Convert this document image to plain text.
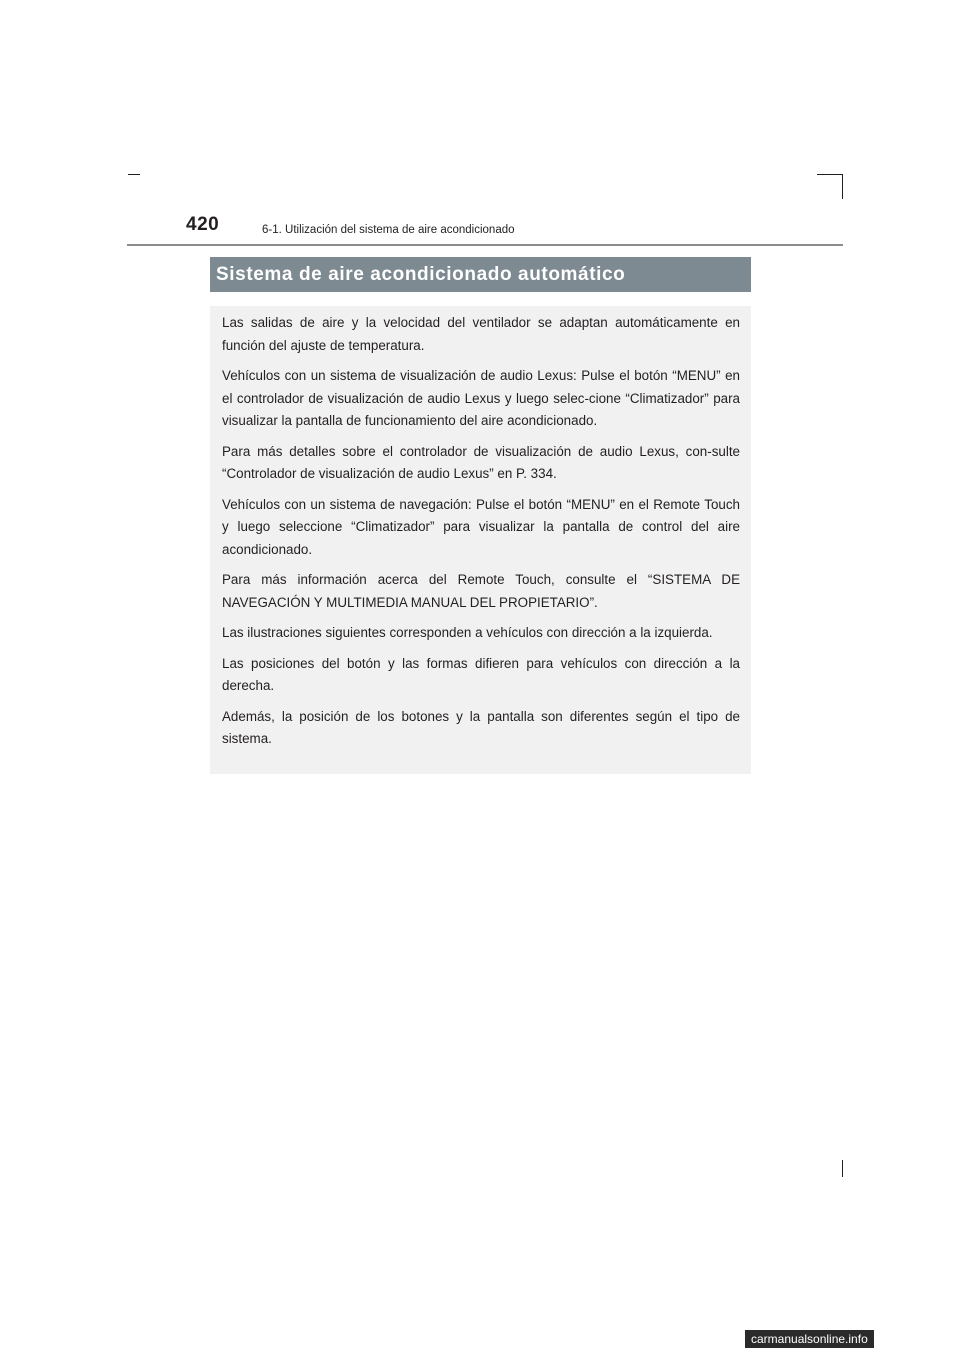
420	6-1. Utilización del sistema de aire acondicionado
Sistema de aire acondicionado automático

Las salidas de aire y la velocidad del ventilador se adaptan automáticamente en función del ajuste de temperatura.

Vehículos con un sistema de visualización de audio Lexus: Pulse el botón “MENU” en el controlador de visualización de audio Lexus y luego selec-cione “Climatizador” para visualizar la pantalla de funcionamiento del aire acondicionado.

Para más detalles sobre el controlador de visualización de audio Lexus, con-sulte “Controlador de visualización de audio Lexus” en P. 334.

Vehículos con un sistema de navegación: Pulse el botón “MENU” en el Remote Touch y luego seleccione “Climatizador” para visualizar la pantalla de control del aire acondicionado.

Para más información acerca del Remote Touch, consulte el “SISTEMA DE NAVEGACIÓN Y MULTIMEDIA MANUAL DEL PROPIETARIO”.

Las ilustraciones siguientes corresponden a vehículos con dirección a la izquierda.

Las posiciones del botón y las formas difieren para vehículos con dirección a la derecha.

Además, la posición de los botones y la pantalla son diferentes según el tipo de sistema.

carmanualsonline.info
